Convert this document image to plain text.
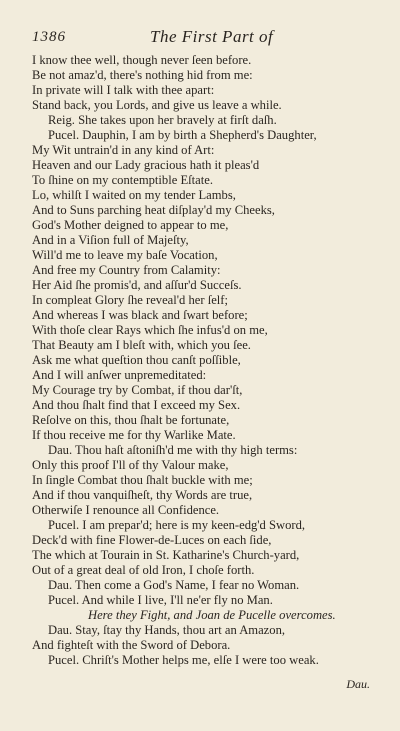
1386	The First Part of
I know thee well, though never ſeen before.
Be not amaz'd, there's nothing hid from me:
In private will I talk with thee apart:
Stand back, you Lords, and give us leave a while.
Reig. She takes upon her bravely at firſt daſh.
Pucel. Dauphin, I am by birth a Shepherd's Daughter,
My Wit untrain'd in any kind of Art:
Heaven and our Lady gracious hath it pleas'd
To ſhine on my contemptible Eſtate.
Lo, whilſt I waited on my tender Lambs,
And to Suns parching heat diſplay'd my Cheeks,
God's Mother deigned to appear to me,
And in a Viſion full of Majeſty,
Will'd me to leave my baſe Vocation,
And free my Country from Calamity:
Her Aid ſhe promis'd, and aſſur'd Succeſs.
In compleat Glory ſhe reveal'd her ſelf;
And whereas I was black and ſwart before;
With thoſe clear Rays which ſhe infus'd on me,
That Beauty am I bleſt with, which you ſee.
Ask me what queſtion thou canſt poſſible,
And I will anſwer unpremeditated:
My Courage try by Combat, if thou dar'ſt,
And thou ſhalt find that I exceed my Sex.
Reſolve on this, thou ſhalt be fortunate,
If thou receive me for thy Warlike Mate.
Dau. Thou haſt aſtoniſh'd me with thy high terms:
Only this proof I'll of thy Valour make,
In ſingle Combat thou ſhalt buckle with me;
And if thou vanquiſheſt, thy Words are true,
Otherwiſe I renounce all Confidence.
Pucel. I am prepar'd; here is my keen-edg'd Sword,
Deck'd with fine Flower-de-Luces on each ſide,
The which at Tourain in St. Katharine's Church-yard,
Out of a great deal of old Iron, I choſe forth.
Dau. Then come a God's Name, I fear no Woman.
Pucel. And while I live, I'll ne'er fly no Man.
Here they Fight, and Joan de Pucelle overcomes.
Dau. Stay, ſtay thy Hands, thou art an Amazon,
And fighteſt with the Sword of Debora.
Pucel. Chriſt's Mother helps me, elſe I were too weak.
Dau.
